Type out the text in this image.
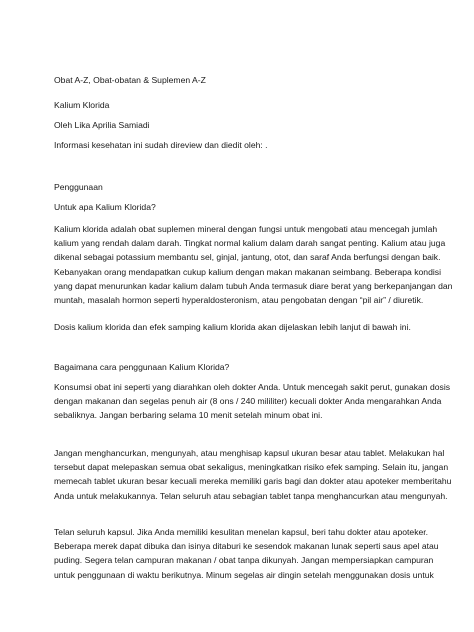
Obat A-Z, Obat-obatan & Suplemen A-Z
Kalium Klorida
Oleh Lika Aprilia Samiadi
Informasi kesehatan ini sudah direview dan diedit oleh: .
Penggunaan
Untuk apa Kalium Klorida?
Kalium klorida adalah obat suplemen mineral dengan fungsi untuk mengobati atau mencegah jumlah
kalium yang rendah dalam darah. Tingkat normal kalium dalam darah sangat penting. Kalium atau juga
dikenal sebagai potassium membantu sel, ginjal, jantung, otot, dan saraf Anda berfungsi dengan baik.
Kebanyakan orang mendapatkan cukup kalium dengan makan makanan seimbang. Beberapa kondisi
yang dapat menurunkan kadar kalium dalam tubuh Anda termasuk diare berat yang berkepanjangan dan
muntah, masalah hormon seperti hyperaldosteronism, atau pengobatan dengan “pil air” / diuretik.
Dosis kalium klorida dan efek samping kalium klorida akan dijelaskan lebih lanjut di bawah ini.
Bagaimana cara penggunaan Kalium Klorida?
Konsumsi obat ini seperti yang diarahkan oleh dokter Anda. Untuk mencegah sakit perut, gunakan dosis
dengan makanan dan segelas penuh air (8 ons / 240 mililiter) kecuali dokter Anda mengarahkan Anda
sebaliknya. Jangan berbaring selama 10 menit setelah minum obat ini.
Jangan menghancurkan, mengunyah, atau menghisap kapsul ukuran besar atau tablet. Melakukan hal
tersebut dapat melepaskan semua obat sekaligus, meningkatkan risiko efek samping. Selain itu, jangan
memecah tablet ukuran besar kecuali mereka memiliki garis bagi dan dokter atau apoteker memberitahu
Anda untuk melakukannya. Telan seluruh atau sebagian tablet tanpa menghancurkan atau mengunyah.
Telan seluruh kapsul. Jika Anda memiliki kesulitan menelan kapsul, beri tahu dokter atau apoteker.
Beberapa merek dapat dibuka dan isinya ditaburi ke sesendok makanan lunak seperti saus apel atau
puding. Segera telan campuran makanan / obat tanpa dikunyah. Jangan mempersiapkan campuran
untuk penggunaan di waktu berikutnya. Minum segelas air dingin setelah menggunakan dosis untuk
